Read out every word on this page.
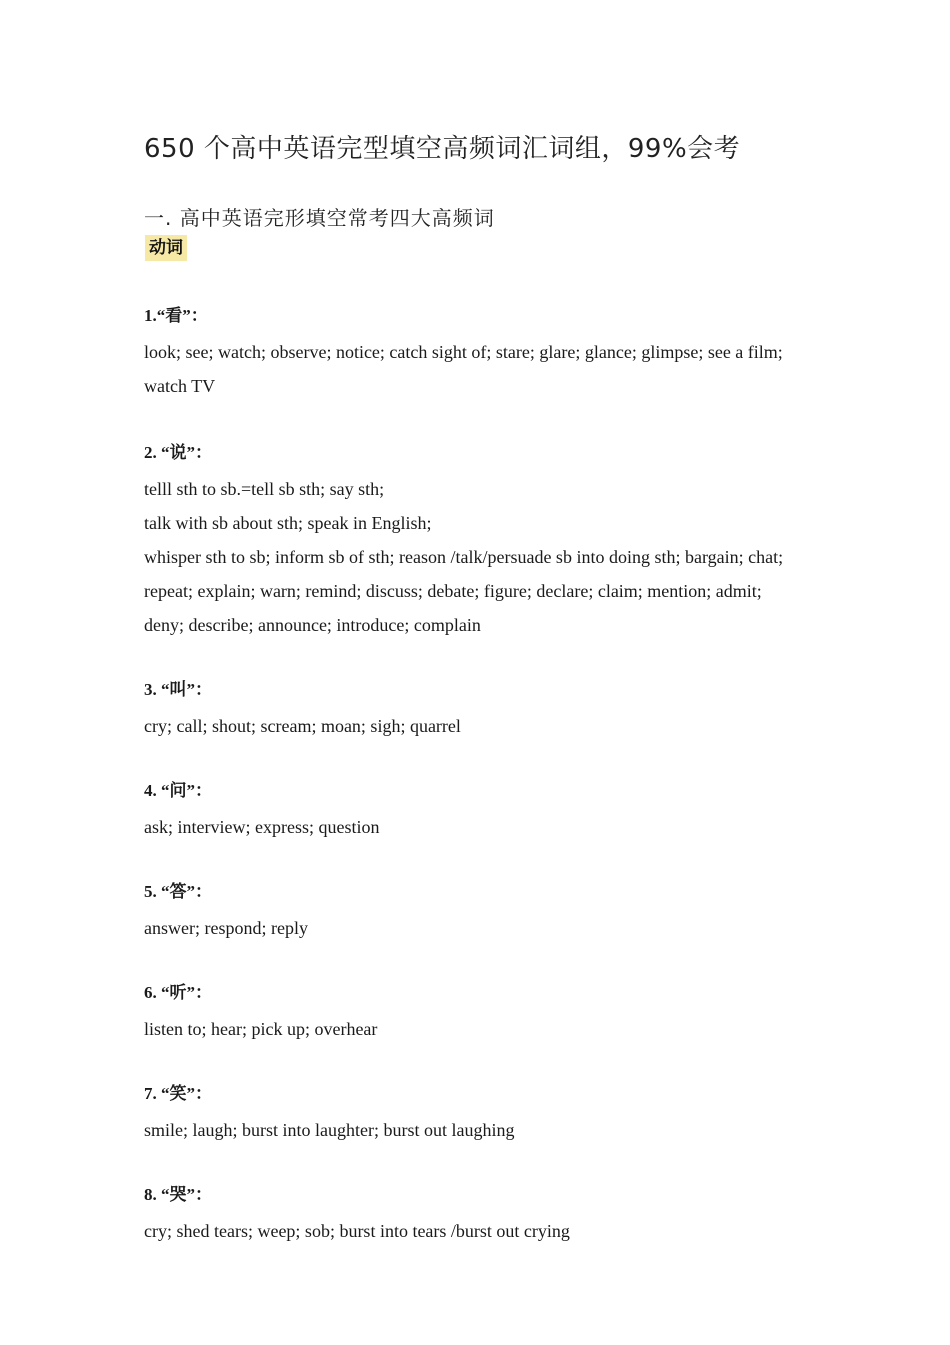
650 个高中英语完型填空高频词汇词组，99%会考
一. 高中英语完形填空常考四大高频词
动词
1.“看”：
look; see; watch; observe; notice; catch sight of; stare; glare; glance; glimpse; see a film; watch TV
2. “说”：
telll sth to sb.=tell sb sth; say sth;
talk with sb about sth; speak in English;
whisper sth to sb; inform sb of sth; reason /talk/persuade sb into doing sth; bargain; chat; repeat; explain; warn; remind; discuss; debate; figure; declare; claim; mention; admit; deny; describe; announce; introduce; complain
3. “叫”：
cry; call; shout; scream; moan; sigh; quarrel
4. “问”：
ask; interview; express; question
5. “答”：
answer; respond; reply
6. “听”：
listen to; hear; pick up; overhear
7. “笑”：
smile; laugh; burst into laughter; burst out laughing
8. “哭”：
cry; shed tears; weep; sob; burst into tears /burst out crying
